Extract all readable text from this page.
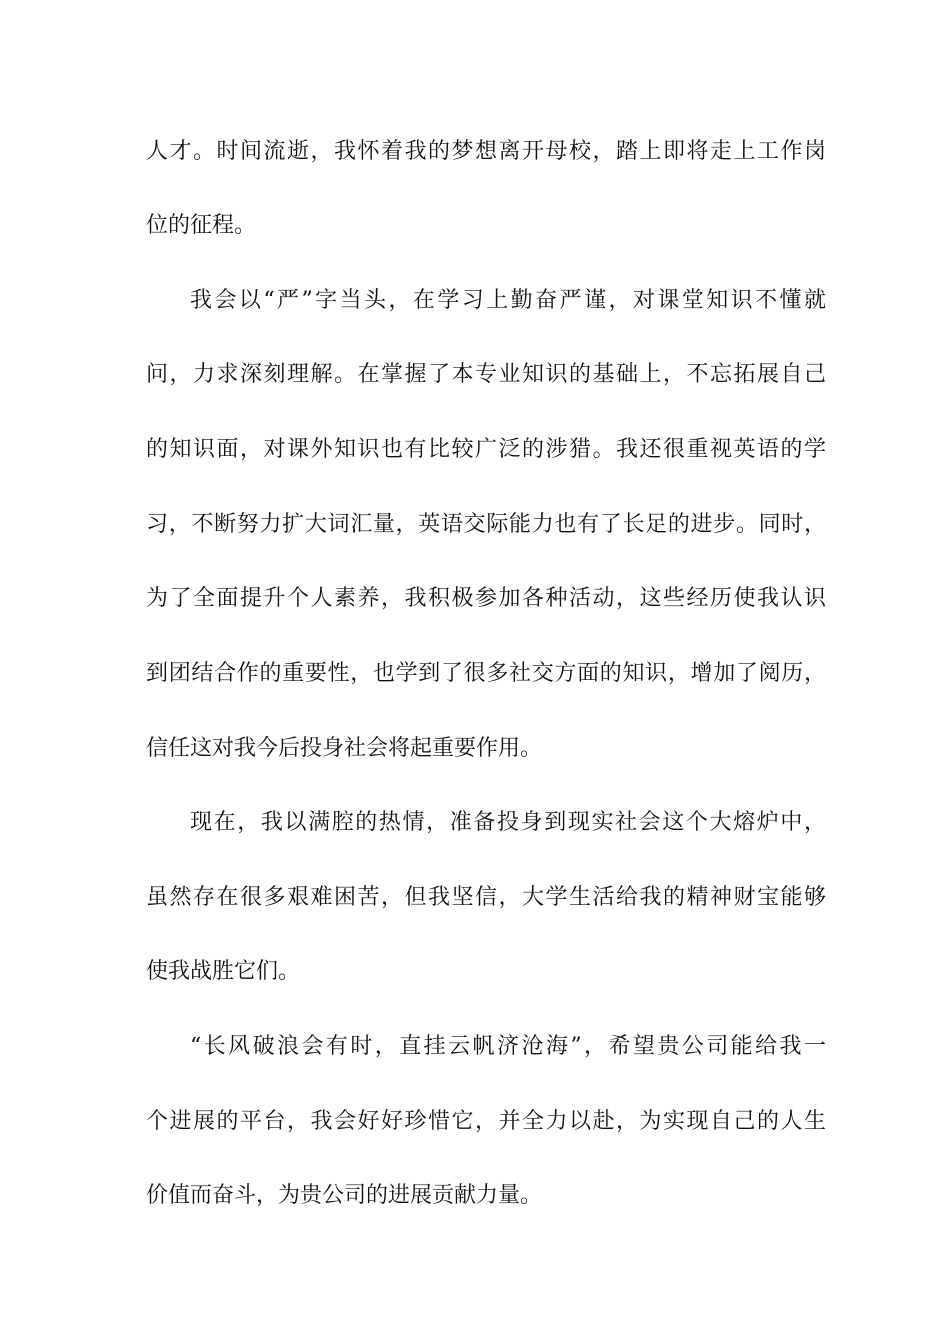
人才。时间流逝，我怀着我的梦想离开母校，踏上即将走上工作岗
位的征程。
我会以“严”字当头，在学习上勤奋严谨，对课堂知识不懂就
问，力求深刻理解。在掌握了本专业知识的基础上，不忘拓展自己
的知识面，对课外知识也有比较广泛的涉猎。我还很重视英语的学
习，不断努力扩大词汇量，英语交际能力也有了长足的进步。同时，
为了全面提升个人素养，我积极参加各种活动，这些经历使我认识
到团结合作的重要性，也学到了很多社交方面的知识，增加了阅历，
信任这对我今后投身社会将起重要作用。
现在，我以满腔的热情，准备投身到现实社会这个大熔炉中，
虽然存在很多艰难困苦，但我坚信，大学生活给我的精神财宝能够
使我战胜它们。
“长风破浪会有时，直挂云帆济沧海”，希望贵公司能给我一
个进展的平台，我会好好珍惜它，并全力以赴，为实现自己的人生
价值而奋斗，为贵公司的进展贡献力量。
